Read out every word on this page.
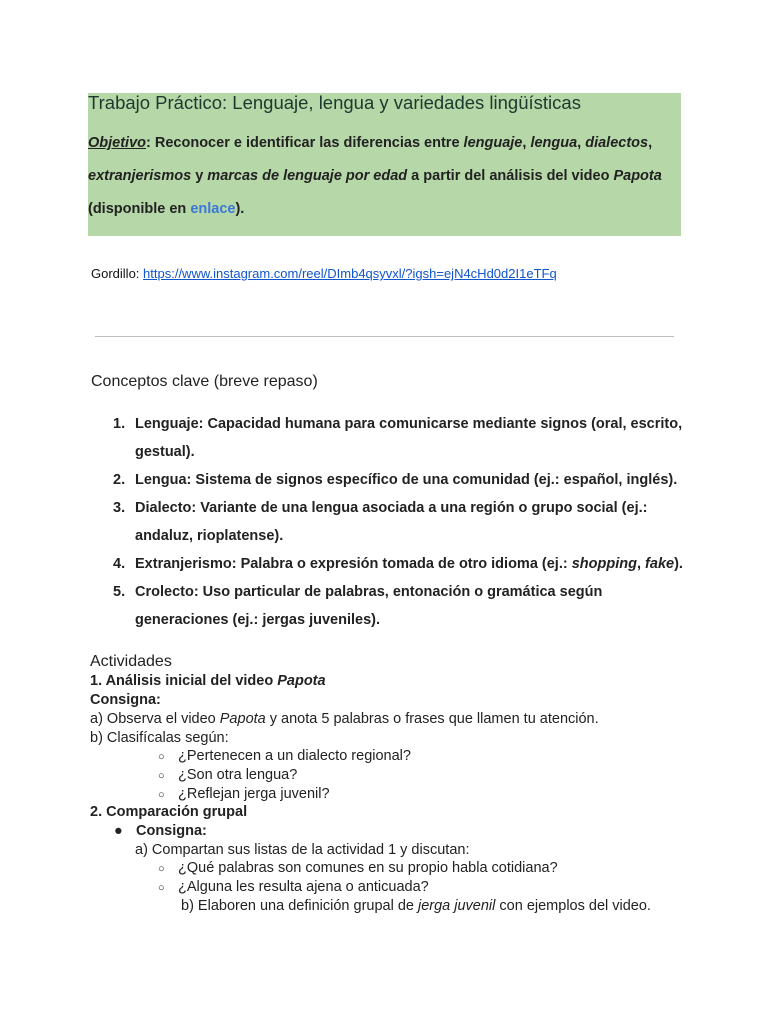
Trabajo Práctico: Lenguaje, lengua y variedades lingüísticas
Objetivo: Reconocer e identificar las diferencias entre lenguaje, lengua, dialectos,
extranjerismos y marcas de lenguaje por edad a partir del análisis del video Papota
(disponible en enlace).
Gordillo: https://www.instagram.com/reel/DImb4qsyvxl/?igsh=ejN4cHd0d2I1eTFq
Conceptos clave (breve repaso)
1. Lenguaje: Capacidad humana para comunicarse mediante signos (oral, escrito,
gestual).
2. Lengua: Sistema de signos específico de una comunidad (ej.: español, inglés).
3. Dialecto: Variante de una lengua asociada a una región o grupo social (ej.:
andaluz, rioplatense).
4. Extranjerismo: Palabra o expresión tomada de otro idioma (ej.: shopping, fake).
5. Crolecto: Uso particular de palabras, entonación o gramática según
generaciones (ej.: jergas juveniles).
Actividades
1. Análisis inicial del video Papota
Consigna:
a) Observa el video Papota y anota 5 palabras o frases que llamen tu atención.
b) Clasifícalas según:
○ ¿Pertenecen a un dialecto regional?
○ ¿Son otra lengua?
○ ¿Reflejan jerga juvenil?
2. Comparación grupal
● Consigna:
a) Compartan sus listas de la actividad 1 y discutan:
○ ¿Qué palabras son comunes en su propio habla cotidiana?
○ ¿Alguna les resulta ajena o anticuada?
b) Elaboren una definición grupal de jerga juvenil con ejemplos del video.
